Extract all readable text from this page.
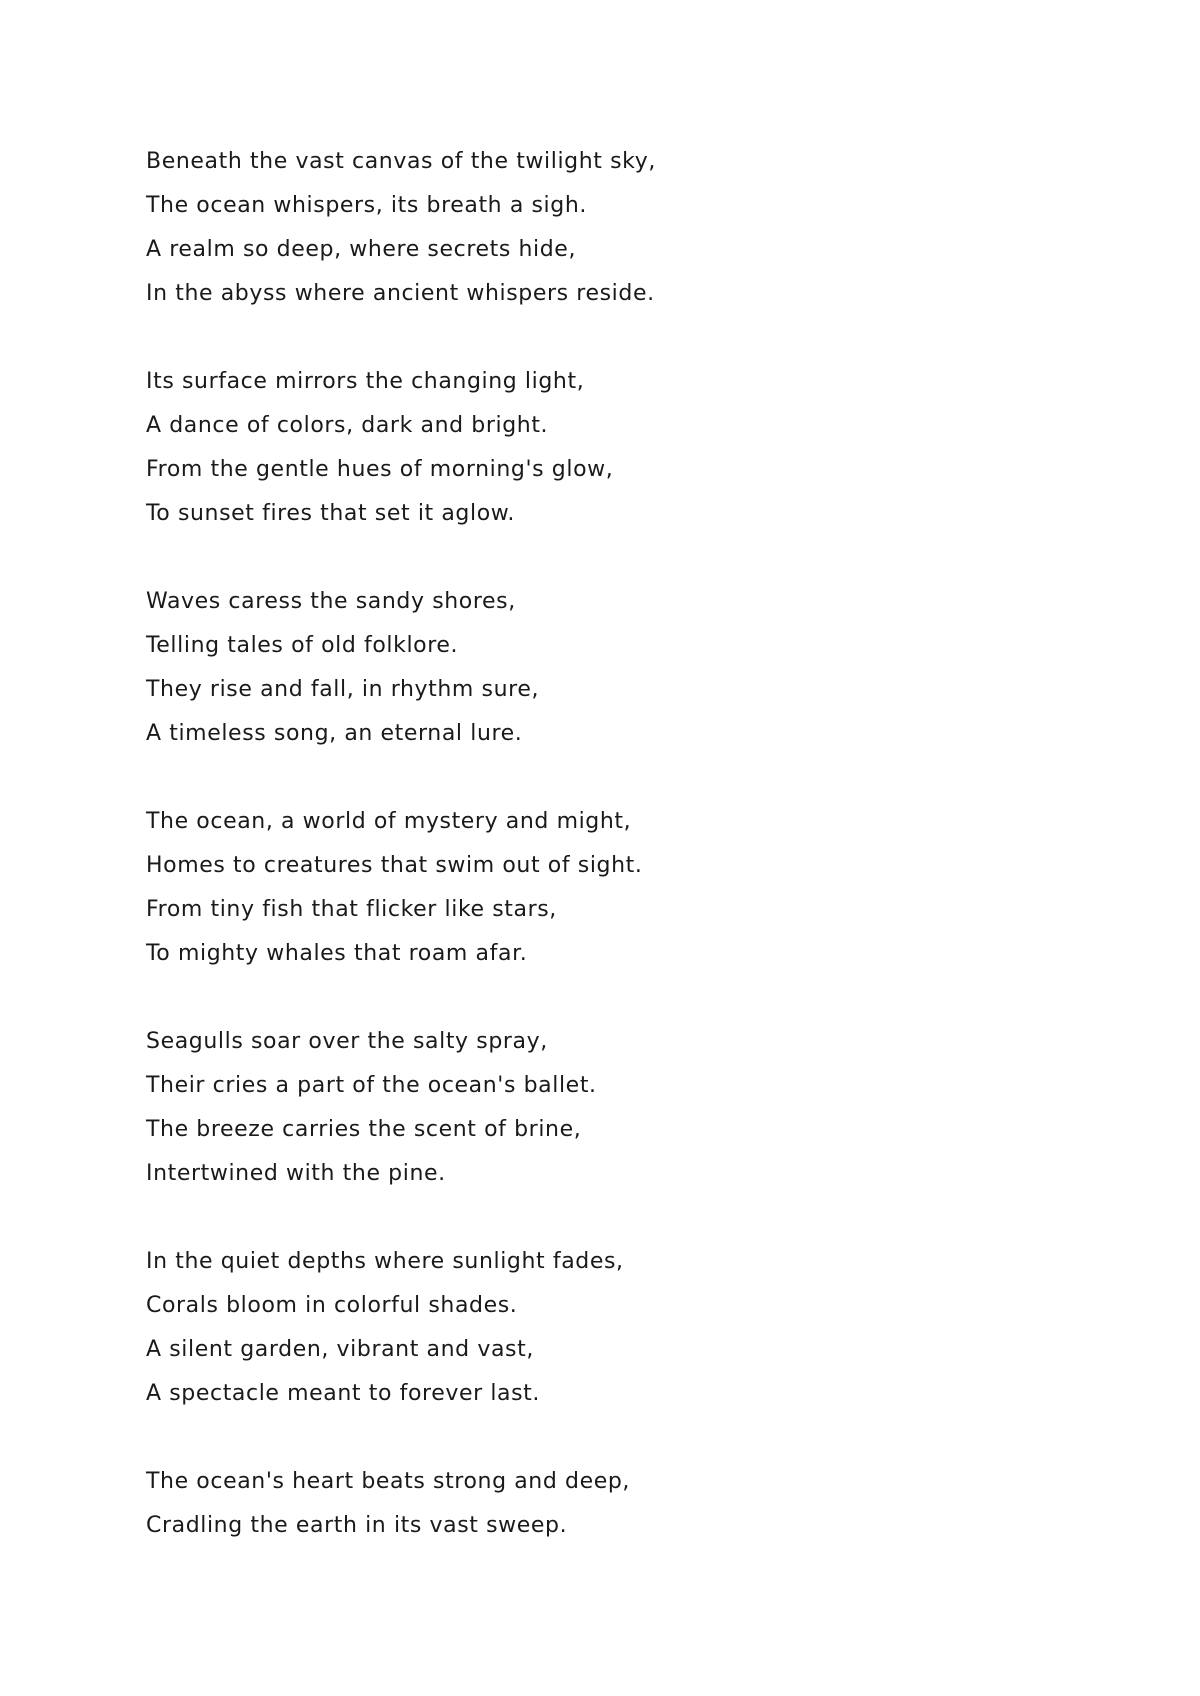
Beneath the vast canvas of the twilight sky,
The ocean whispers, its breath a sigh.
A realm so deep, where secrets hide,
In the abyss where ancient whispers reside.
Its surface mirrors the changing light,
A dance of colors, dark and bright.
From the gentle hues of morning's glow,
To sunset fires that set it aglow.
Waves caress the sandy shores,
Telling tales of old folklore.
They rise and fall, in rhythm sure,
A timeless song, an eternal lure.
The ocean, a world of mystery and might,
Homes to creatures that swim out of sight.
From tiny fish that flicker like stars,
To mighty whales that roam afar.
Seagulls soar over the salty spray,
Their cries a part of the ocean's ballet.
The breeze carries the scent of brine,
Intertwined with the pine.
In the quiet depths where sunlight fades,
Corals bloom in colorful shades.
A silent garden, vibrant and vast,
A spectacle meant to forever last.
The ocean's heart beats strong and deep,
Cradling the earth in its vast sweep.
